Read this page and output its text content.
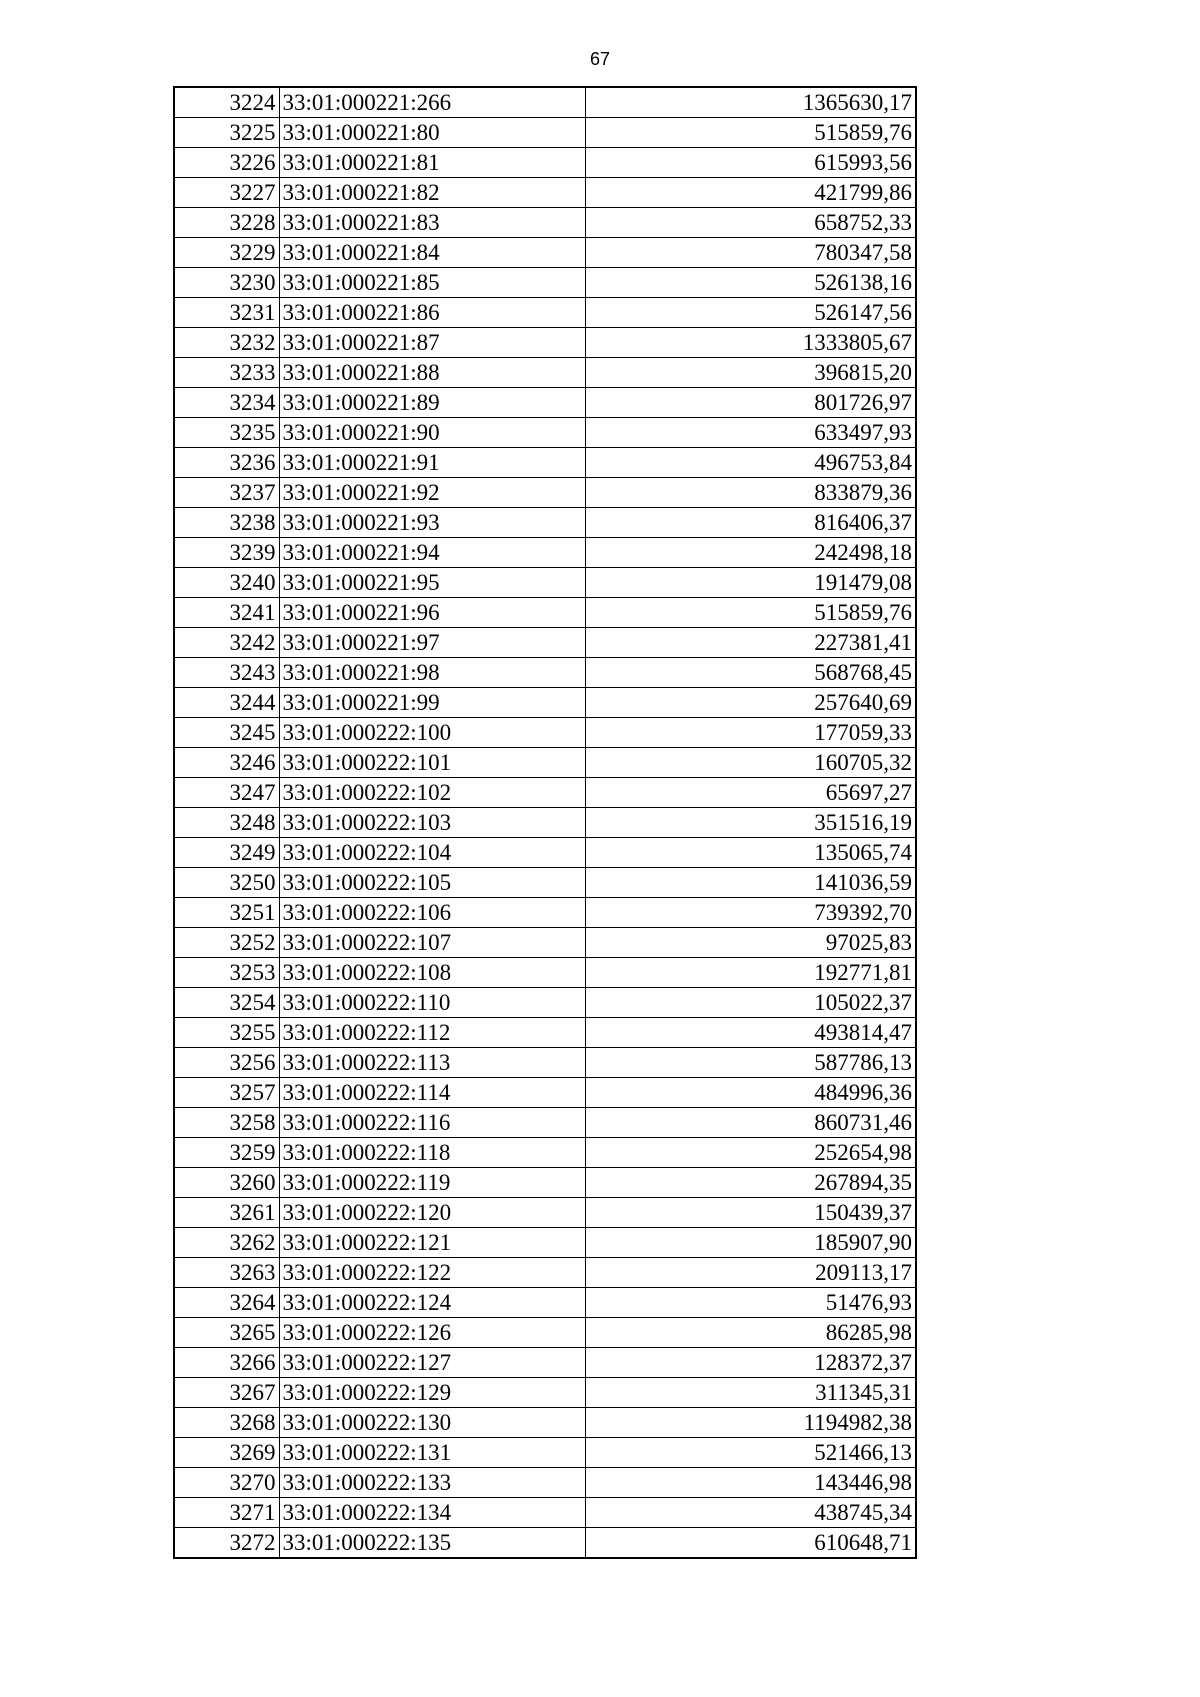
67
3224	33:01:000221:266	1365630,17
3225	33:01:000221:80	515859,76
3226	33:01:000221:81	615993,56
3227	33:01:000221:82	421799,86
3228	33:01:000221:83	658752,33
3229	33:01:000221:84	780347,58
3230	33:01:000221:85	526138,16
3231	33:01:000221:86	526147,56
3232	33:01:000221:87	1333805,67
3233	33:01:000221:88	396815,20
3234	33:01:000221:89	801726,97
3235	33:01:000221:90	633497,93
3236	33:01:000221:91	496753,84
3237	33:01:000221:92	833879,36
3238	33:01:000221:93	816406,37
3239	33:01:000221:94	242498,18
3240	33:01:000221:95	191479,08
3241	33:01:000221:96	515859,76
3242	33:01:000221:97	227381,41
3243	33:01:000221:98	568768,45
3244	33:01:000221:99	257640,69
3245	33:01:000222:100	177059,33
3246	33:01:000222:101	160705,32
3247	33:01:000222:102	65697,27
3248	33:01:000222:103	351516,19
3249	33:01:000222:104	135065,74
3250	33:01:000222:105	141036,59
3251	33:01:000222:106	739392,70
3252	33:01:000222:107	97025,83
3253	33:01:000222:108	192771,81
3254	33:01:000222:110	105022,37
3255	33:01:000222:112	493814,47
3256	33:01:000222:113	587786,13
3257	33:01:000222:114	484996,36
3258	33:01:000222:116	860731,46
3259	33:01:000222:118	252654,98
3260	33:01:000222:119	267894,35
3261	33:01:000222:120	150439,37
3262	33:01:000222:121	185907,90
3263	33:01:000222:122	209113,17
3264	33:01:000222:124	51476,93
3265	33:01:000222:126	86285,98
3266	33:01:000222:127	128372,37
3267	33:01:000222:129	311345,31
3268	33:01:000222:130	1194982,38
3269	33:01:000222:131	521466,13
3270	33:01:000222:133	143446,98
3271	33:01:000222:134	438745,34
3272	33:01:000222:135	610648,71
